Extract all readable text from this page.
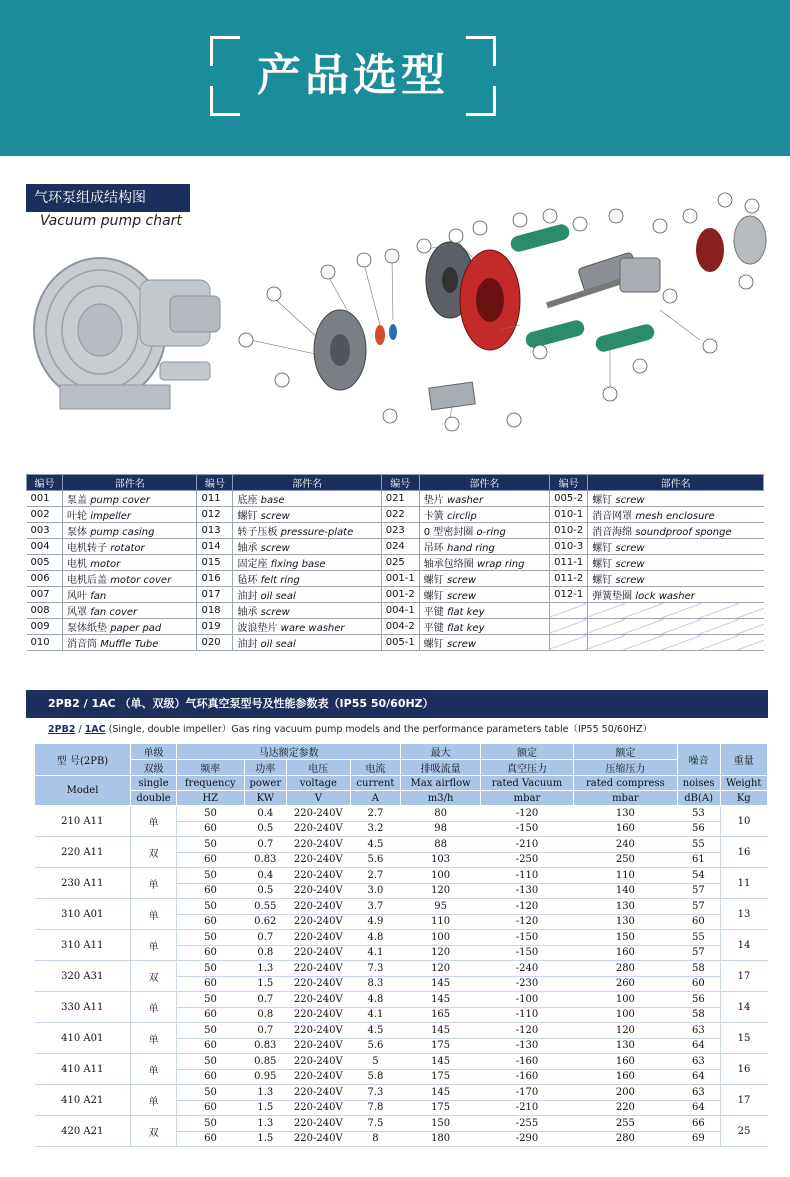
产品选型
气环泵组成结构图
Vacuum pump chart
编号	部件名	编号	部件名	编号	部件名	编号	部件名
001	泵盖 pump cover	011	底座 base	021	垫片 washer	005-2	螺钉 screw
002	叶轮 impeller	012	螺钉 screw	022	卡簧 circlip	010-1	消音网罩 mesh enclosure
003	泵体 pump casing	013	转子压板 pressure-plate	023	0 型密封圈 o-ring	010-2	消音海绵 soundproof sponge
004	电机转子 rotator	014	轴承 screw	024	吊环 hand ring	010-3	螺钉 screw
005	电机 motor	015	固定座 fixing base	025	轴承包络圈 wrap ring	011-1	螺钉 screw
006	电机后盖 motor cover	016	毡环 felt ring	001-1	螺钉 screw	011-2	螺钉 screw
007	风叶 fan	017	油封 oil seal	001-2	螺钉 screw	012-1	弹簧垫圈 lock washer
008	风罩 fan cover	018	轴承 screw	004-1	平键 flat key		
009	泵体纸垫 paper pad	019	波浪垫片 ware washer	004-2	平键 flat key		
010	消音筒 Muffle Tube	020	油封 oil seal	005-1	螺钉 screw		
2PB2 / 1AC （单、双级）气环真空泵型号及性能参数表（IP55 50/60HZ）
2PB2 / 1AC (Single, double impeller）Gas ring vacuum pump models and the performance parameters table（IP55 50/60HZ）
型 号(2PB)	单级	马达额定参数				最大	额定	额定	噪音	重量
	双级	频率	功率	电压	电流	排吸流量	真空压力	压缩压力		
Model	single	frequency	power	voltage	current	Max airflow	rated Vacuum	rated compress	noises	Weight
	double	HZ	KW	V	A	m3/h	mbar	mbar	dB(A)	Kg
210 A11	单	50	0.4	220-240V	2.7	80	-120	130	53	10
		60	0.5	220-240V	3.2	98	-150	160	56	
220 A11	双	50	0.7	220-240V	4.5	88	-210	240	55	16
		60	0.83	220-240V	5.6	103	-250	250	61	
230 A11	单	50	0.4	220-240V	2.7	100	-110	110	54	11
		60	0.5	220-240V	3.0	120	-130	140	57	
310 A01	单	50	0.55	220-240V	3.7	95	-120	130	57	13
		60	0.62	220-240V	4.9	110	-120	130	60	
310 A11	单	50	0.7	220-240V	4.8	100	-150	150	55	14
		60	0.8	220-240V	4.1	120	-150	160	57	
320 A31	双	50	1.3	220-240V	7.3	120	-240	280	58	17
		60	1.5	220-240V	8.3	145	-230	260	60	
330 A11	单	50	0.7	220-240V	4.8	145	-100	100	56	14
		60	0.8	220-240V	4.1	165	-110	100	58	
410 A01	单	50	0.7	220-240V	4.5	145	-120	120	63	15
		60	0.83	220-240V	5.6	175	-130	130	64	
410 A11	单	50	0.85	220-240V	5	145	-160	160	63	16
		60	0.95	220-240V	5.8	175	-160	160	64	
410 A21	单	50	1.3	220-240V	7.3	145	-170	200	63	17
		60	1.5	220-240V	7.8	175	-210	220	64	
420 A21	双	50	1.3	220-240V	7.5	150	-255	255	66	25
		60	1.5	220-240V	8	180	-290	280	69	
